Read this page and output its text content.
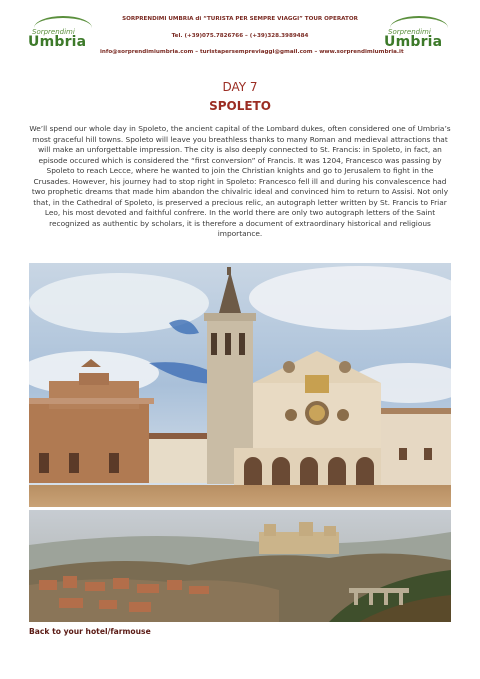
Sorprendimi
Umbria
SORPRENDIMI UMBRIA di “TURISTA PER SEMPRE VIAGGI” TOUR OPERATOR
Tel. (+39)075.7826766 – (+39)328.3989484
info@sorprendimiumbria.com – turistapersempreviaggi@gmail.com – www.sorprendimiumbria.it
Sorprendimi
Umbria
DAY 7
SPOLETO
We’ll spend our whole day in Spoleto, the ancient capital of the Lombard dukes, often considered one of Umbria’s most graceful hill towns. Spoleto will leave you breathless thanks to many Roman and medieval attractions that will make an unforgettable impression. The city is also deeply connected to St. Francis: in Spoleto, in fact, an episode occured which is considered the “first conversion” of Francis. It was 1204, Francesco was passing by Spoleto to reach Lecce, where he wanted to join the Christian knights and go to Jerusalem to fight in the Crusades. However, his journey had to stop right in Spoleto: Francesco fell ill and during his convalescence had two prophetic dreams that made him abandon the chivalric ideal and convinced him to return to Assisi. Not only that, in the Cathedral of Spoleto, is preserved a precious relic, an autograph letter written by St. Francis to Friar Leo, his most devoted and faithful confrere. In the world there are only two autograph letters of the Saint recognized as authentic by scholars, it is therefore a document of extraordinary historical and religious importance.
Back to your hotel/farmouse
